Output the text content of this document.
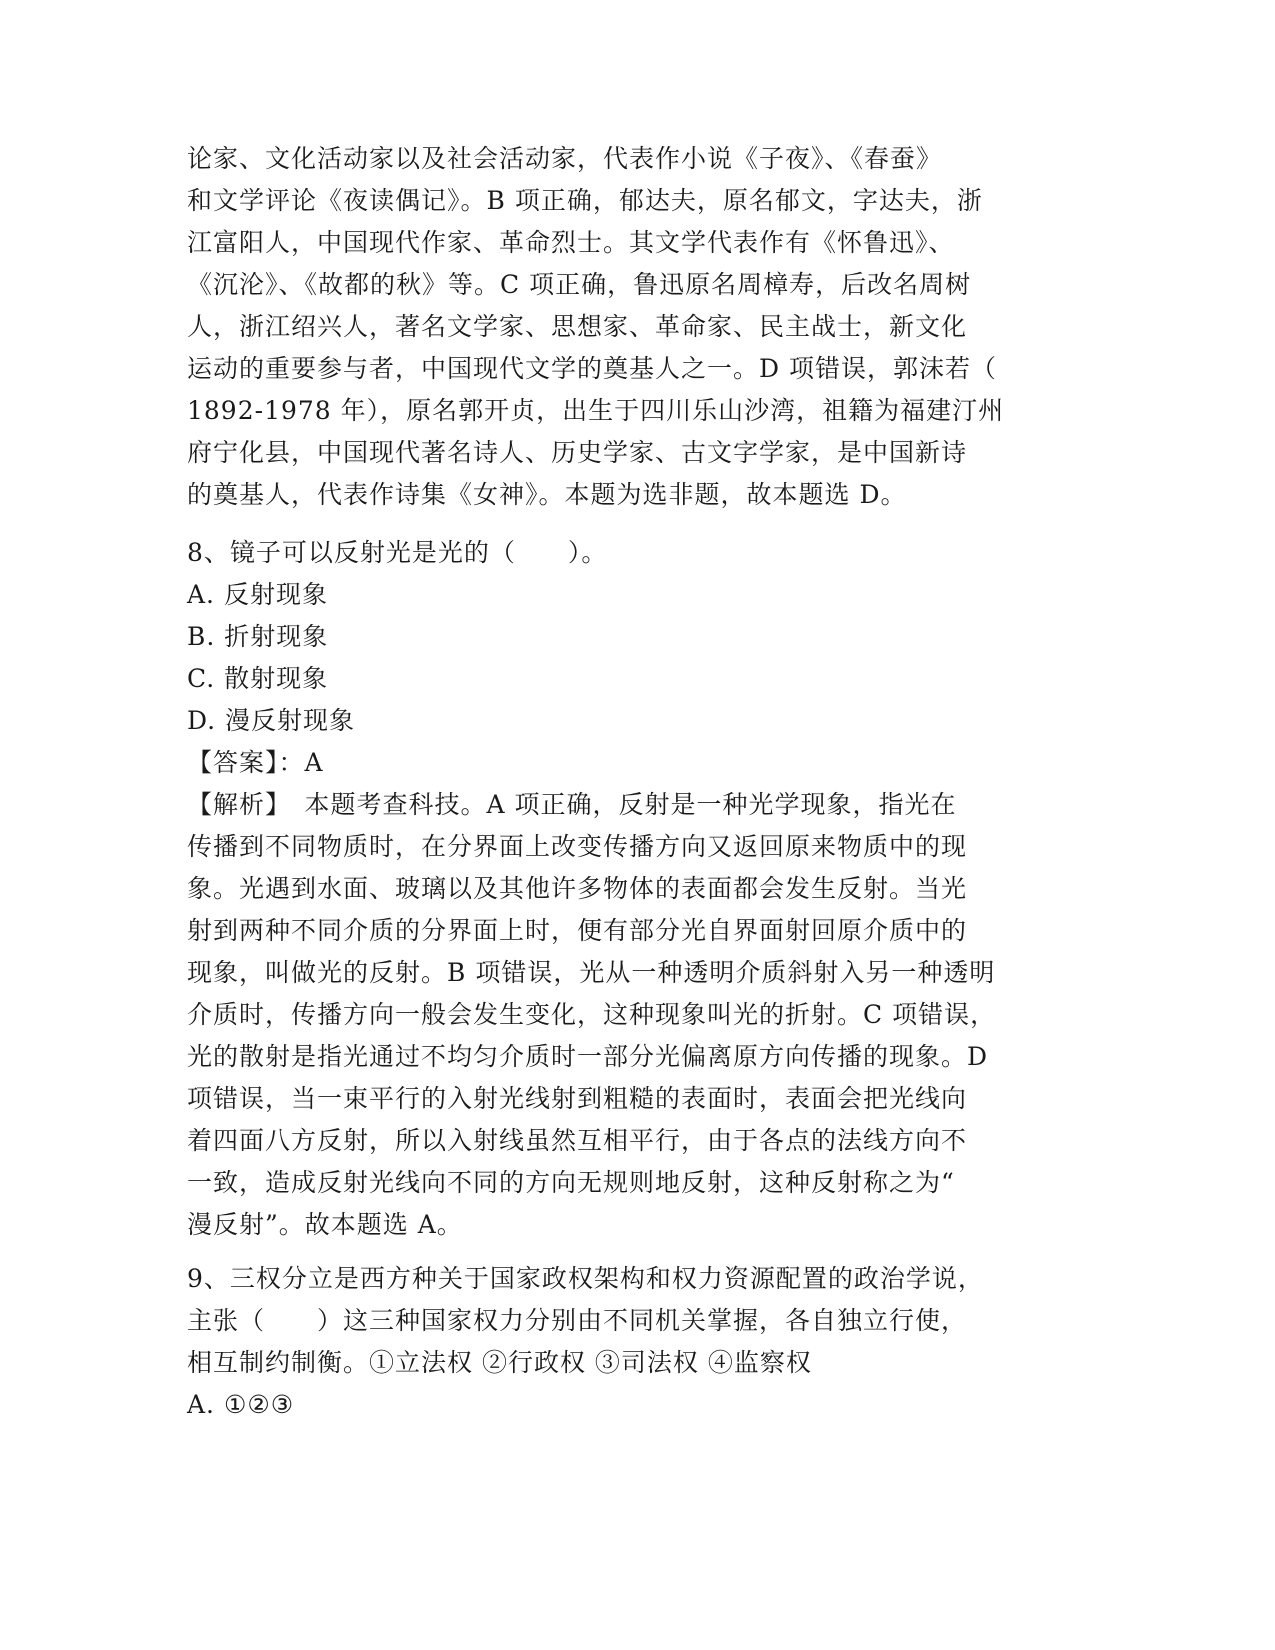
论家、文化活动家以及社会活动家，代表作小说《子夜》、《春蚕》
和文学评论《夜读偶记》。B 项正确，郁达夫，原名郁文，字达夫，浙
江富阳人，中国现代作家、革命烈士。其文学代表作有《怀鲁迅》、
《沉沦》、《故都的秋》等。C 项正确，鲁迅原名周樟寿，后改名周树
人，浙江绍兴人，著名文学家、思想家、革命家、民主战士，新文化
运动的重要参与者，中国现代文学的奠基人之一。D 项错误，郭沫若（
1892-1978 年），原名郭开贞，出生于四川乐山沙湾，祖籍为福建汀州
府宁化县，中国现代著名诗人、历史学家、古文字学家，是中国新诗
的奠基人，代表作诗集《女神》。本题为选非题，故本题选 D。
8、镜子可以反射光是光的（　　）。
A. 反射现象
B. 折射现象
C. 散射现象
D. 漫反射现象
【答案】：A
【解析】　本题考查科技。A 项正确，反射是一种光学现象，指光在
传播到不同物质时，在分界面上改变传播方向又返回原来物质中的现
象。光遇到水面、玻璃以及其他许多物体的表面都会发生反射。当光
射到两种不同介质的分界面上时，便有部分光自界面射回原介质中的
现象，叫做光的反射。B 项错误，光从一种透明介质斜射入另一种透明
介质时，传播方向一般会发生变化，这种现象叫光的折射。C 项错误，
光的散射是指光通过不均匀介质时一部分光偏离原方向传播的现象。D
项错误，当一束平行的入射光线射到粗糙的表面时，表面会把光线向
着四面八方反射，所以入射线虽然互相平行，由于各点的法线方向不
一致，造成反射光线向不同的方向无规则地反射，这种反射称之为“
漫反射”。故本题选 A。
9、三权分立是西方种关于国家政权架构和权力资源配置的政治学说，
主张（　　）这三种国家权力分别由不同机关掌握，各自独立行使，
相互制约制衡。①立法权 ②行政权 ③司法权 ④监察权
A. ①②③
